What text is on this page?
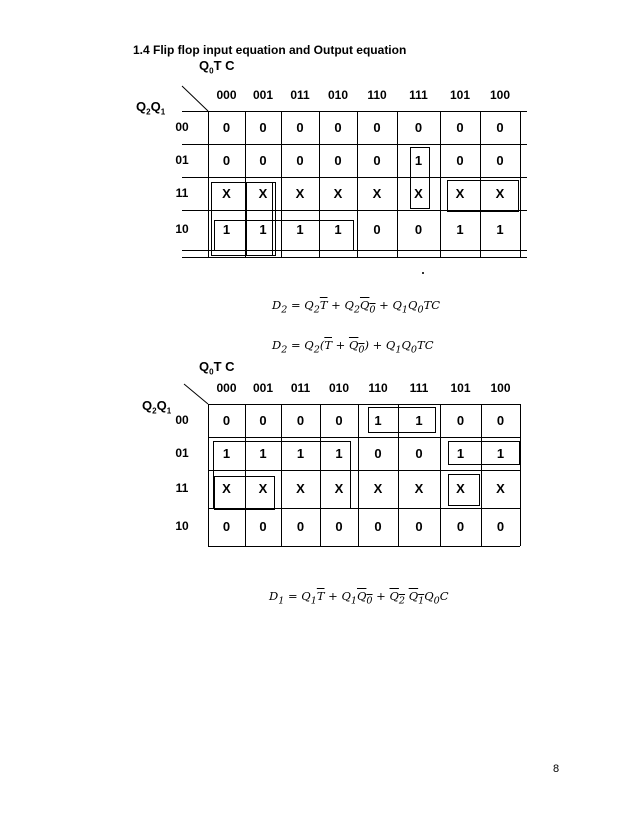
1.4 Flip flop input equation and Output equation
$Q_0T$ C
$Q_2Q_1$
000	001	011	010	110	111	101	100
00	0	0	0	0	0	0	0	0
01	0	0	0	0	0	1	0	0
11	X	X	X	X	X	X	X	X
10	1	1	1	1	0	0	1	1
$Q_0T$ C
$Q_2Q_1$
000	001	011	010	110	111	101	100
00	0	0	0	0	1	1	0	0
01	1	1	1	1	0	0	1	1
11	X	X	X	X	X	X	X	X
10	0	0	0	0	0	0	0	0
$D_2 = Q_2\overline{T} + Q_2Q_0 + Q_1Q_0TC$
$D_2 = Q_2(\overline{T} + Q_0) + Q_1Q_0TC$
$D_1 = Q_1\overline{T} + Q_1Q_0 + Q_2$ $Q_1Q_0C$
8
